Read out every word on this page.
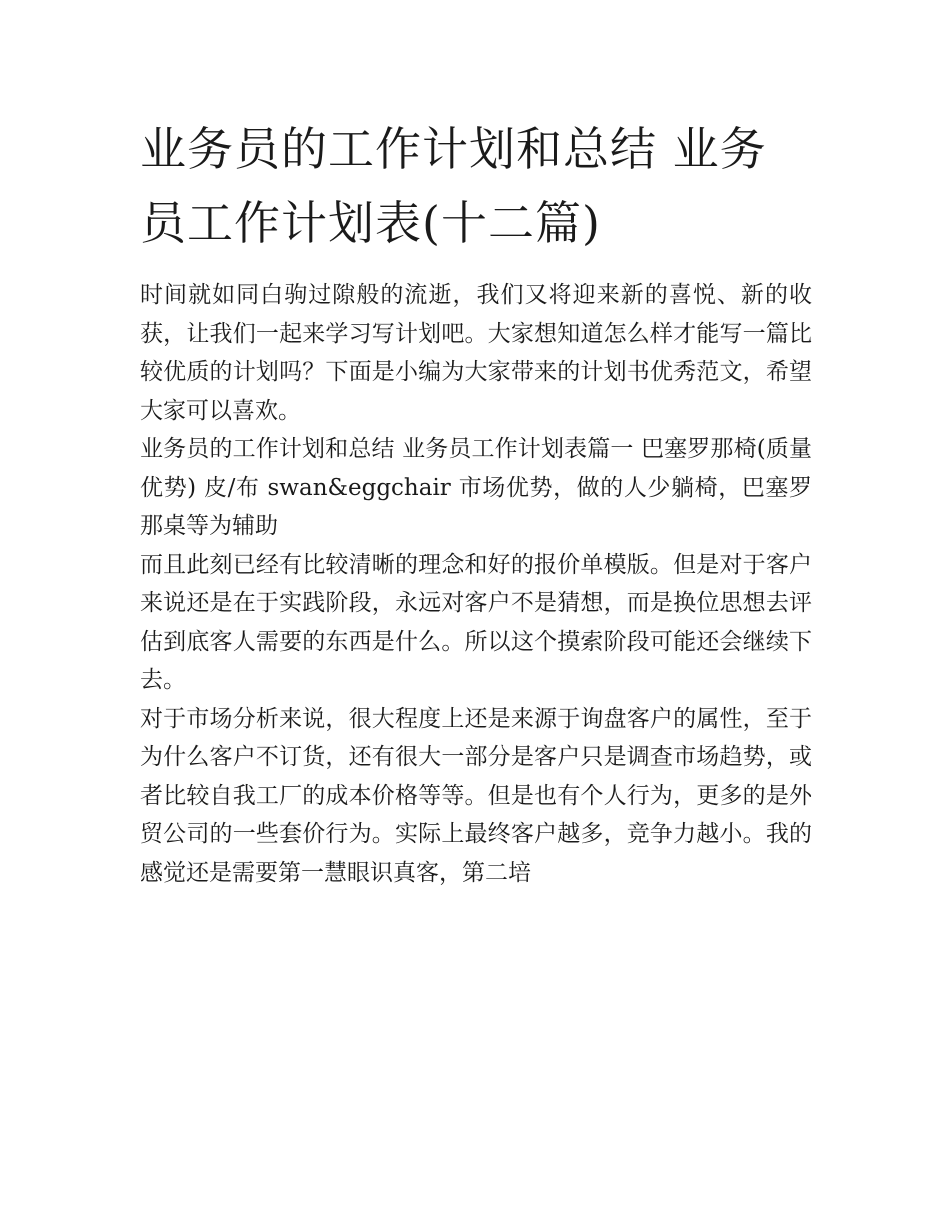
业务员的工作计划和总结 业务员工作计划表(十二篇)

时间就如同白驹过隙般的流逝，我们又将迎来新的喜悦、新的收获，让我们一起来学习写计划吧。大家想知道怎么样才能写一篇比较优质的计划吗？下面是小编为大家带来的计划书优秀范文，希望大家可以喜欢。

业务员的工作计划和总结 业务员工作计划表篇一 巴塞罗那椅(质量优势) 皮/布 swan&eggchair 市场优势，做的人少躺椅，巴塞罗那桌等为辅助

而且此刻已经有比较清晰的理念和好的报价单模版。但是对于客户来说还是在于实践阶段，永远对客户不是猜想，而是换位思想去评估到底客人需要的东西是什么。所以这个摸索阶段可能还会继续下去。

对于市场分析来说，很大程度上还是来源于询盘客户的属性，至于为什么客户不订货，还有很大一部分是客户只是调查市场趋势，或者比较自我工厂的成本价格等等。但是也有个人行为，更多的是外贸公司的一些套价行为。实际上最终客户越多，竞争力越小。我的感觉还是需要第一慧眼识真客，第二培
